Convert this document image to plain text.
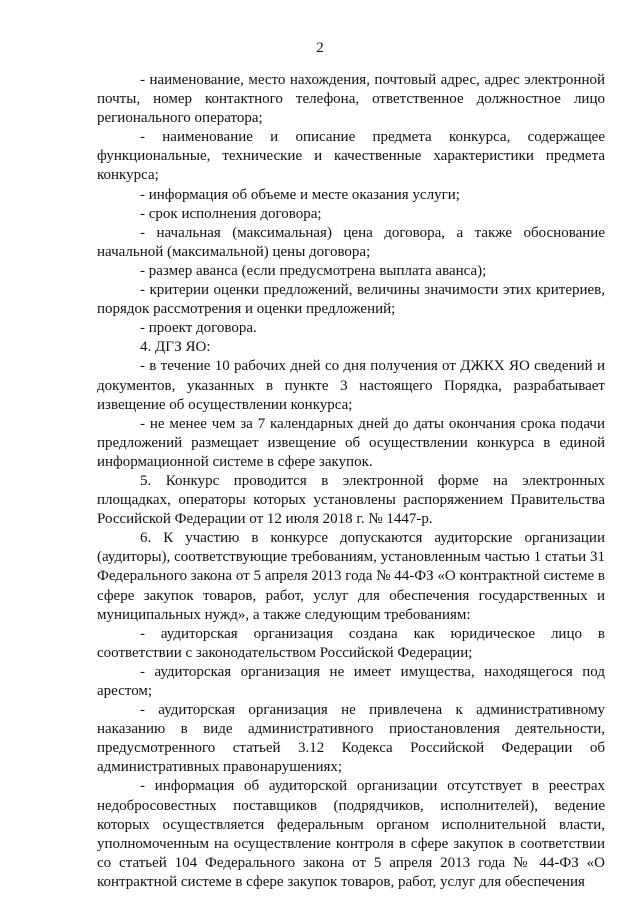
2

- наименование, место нахождения, почтовый адрес, адрес электронной почты, номер контактного телефона, ответственное должностное лицо регионального оператора;

- наименование и описание предмета конкурса, содержащее функциональные, технические и качественные характеристики предмета конкурса;

- информация об объеме и месте оказания услуги;

- срок исполнения договора;

- начальная (максимальная) цена договора, а также обоснование начальной (максимальной) цены договора;

- размер аванса (если предусмотрена выплата аванса);

- критерии оценки предложений, величины значимости этих критериев, порядок рассмотрения и оценки предложений;

- проект договора.

4. ДГЗ ЯО:

- в течение 10 рабочих дней со дня получения от ДЖКХ ЯО сведений и документов, указанных в пункте 3 настоящего Порядка, разрабатывает извещение об осуществлении конкурса;

- не менее чем за 7 календарных дней до даты окончания срока подачи предложений размещает извещение об осуществлении конкурса в единой информационной системе в сфере закупок.

5. Конкурс проводится в электронной форме на электронных площадках, операторы которых установлены распоряжением Правительства Российской Федерации от 12 июля 2018 г. № 1447-р.

6. К участию в конкурсе допускаются аудиторские организации (аудиторы), соответствующие требованиям, установленным частью 1 статьи 31 Федерального закона от 5 апреля 2013 года № 44-ФЗ «О контрактной системе в сфере закупок товаров, работ, услуг для обеспечения государственных и муниципальных нужд», а также следующим требованиям:

- аудиторская организация создана как юридическое лицо в соответствии с законодательством Российской Федерации;

- аудиторская организация не имеет имущества, находящегося под арестом;

- аудиторская организация не привлечена к административному наказанию в виде административного приостановления деятельности, предусмотренного статьей 3.12 Кодекса Российской Федерации об административных правонарушениях;

- информация об аудиторской организации отсутствует в реестрах недобросовестных поставщиков (подрядчиков, исполнителей), ведение которых осуществляется федеральным органом исполнительной власти, уполномоченным на осуществление контроля в сфере закупок в соответствии со статьей 104 Федерального закона от 5 апреля 2013 года № 44-ФЗ «О контрактной системе в сфере закупок товаров, работ, услуг для обеспечения
